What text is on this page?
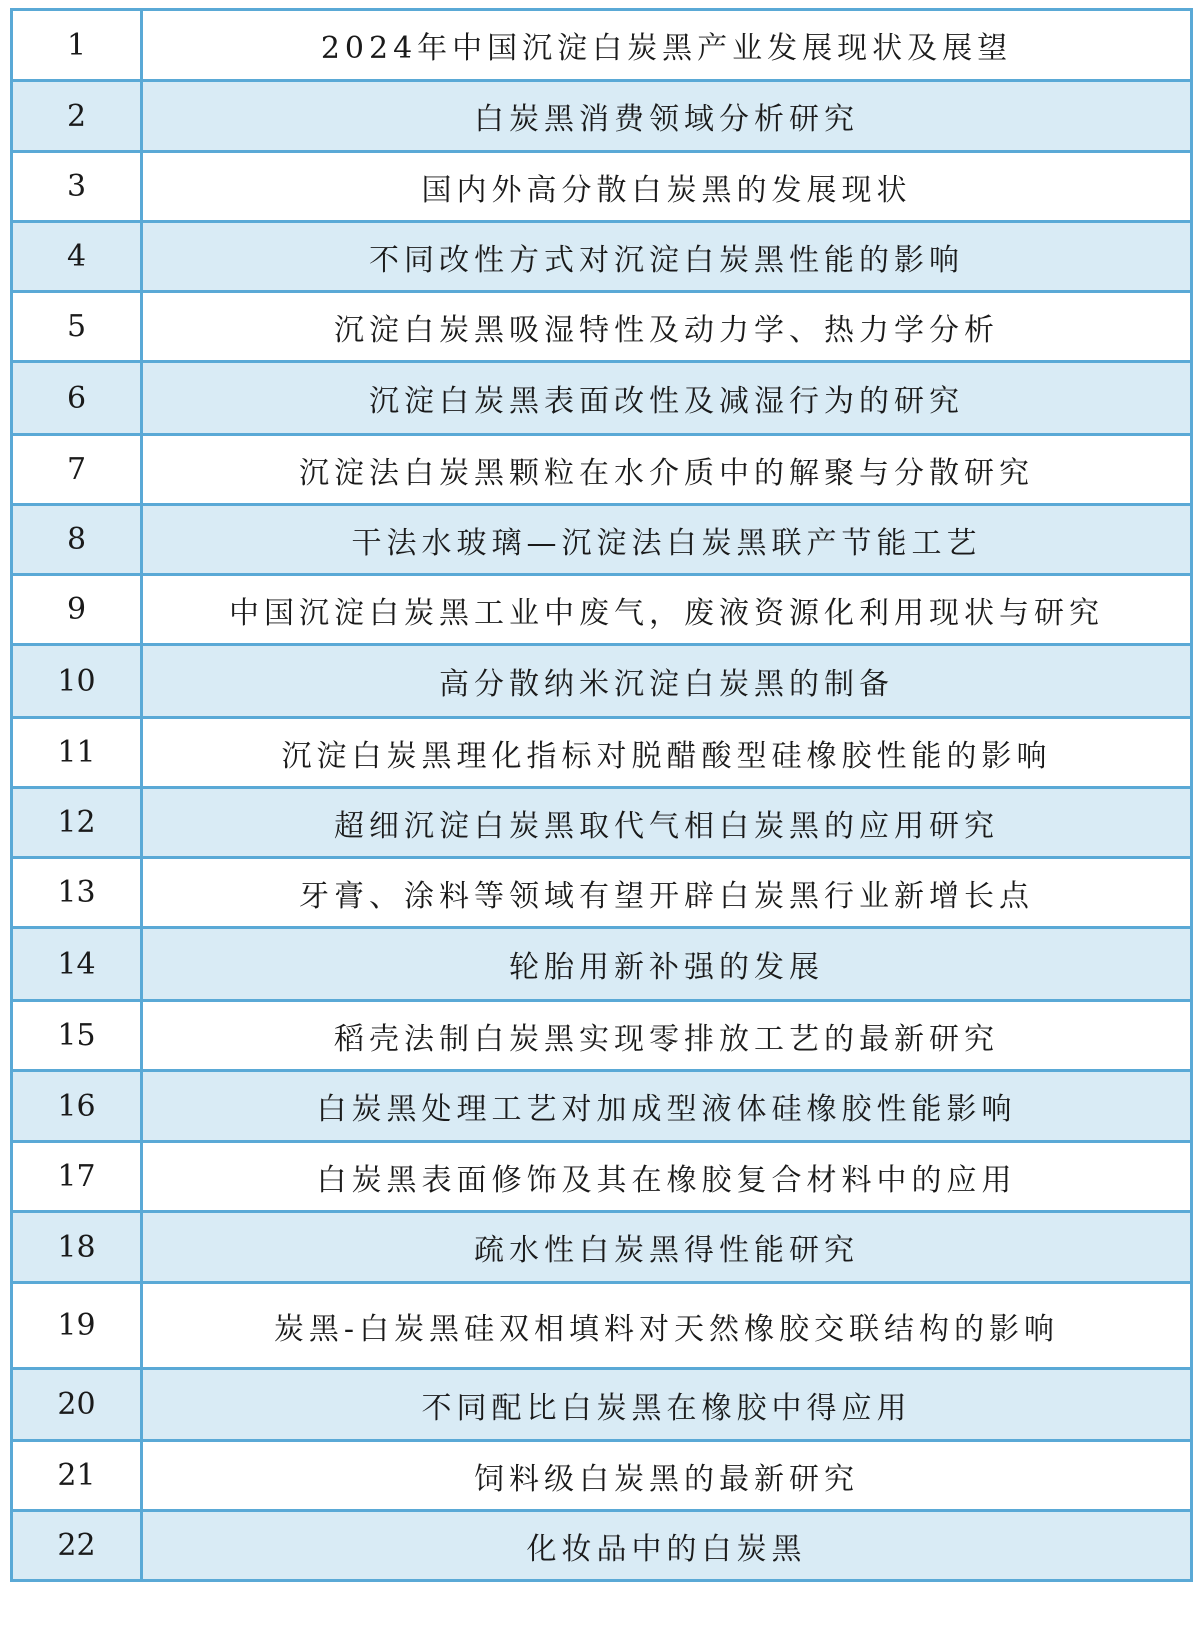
1	2024年中国沉淀白炭黑产业发展现状及展望
2	白炭黑消费领域分析研究
3	国内外高分散白炭黑的发展现状
4	不同改性方式对沉淀白炭黑性能的影响
5	沉淀白炭黑吸湿特性及动力学、热力学分析
6	沉淀白炭黑表面改性及减湿行为的研究
7	沉淀法白炭黑颗粒在水介质中的解聚与分散研究
8	干法水玻璃—沉淀法白炭黑联产节能工艺
9	中国沉淀白炭黑工业中废气，废液资源化利用现状与研究
10	高分散纳米沉淀白炭黑的制备
11	沉淀白炭黑理化指标对脱醋酸型硅橡胶性能的影响
12	超细沉淀白炭黑取代气相白炭黑的应用研究
13	牙膏、涂料等领域有望开辟白炭黑行业新增长点
14	轮胎用新补强的发展
15	稻壳法制白炭黑实现零排放工艺的最新研究
16	白炭黑处理工艺对加成型液体硅橡胶性能影响
17	白炭黑表面修饰及其在橡胶复合材料中的应用
18	疏水性白炭黑得性能研究
19	炭黑-白炭黑硅双相填料对天然橡胶交联结构的影响
20	不同配比白炭黑在橡胶中得应用
21	饲料级白炭黑的最新研究
22	化妆品中的白炭黑
